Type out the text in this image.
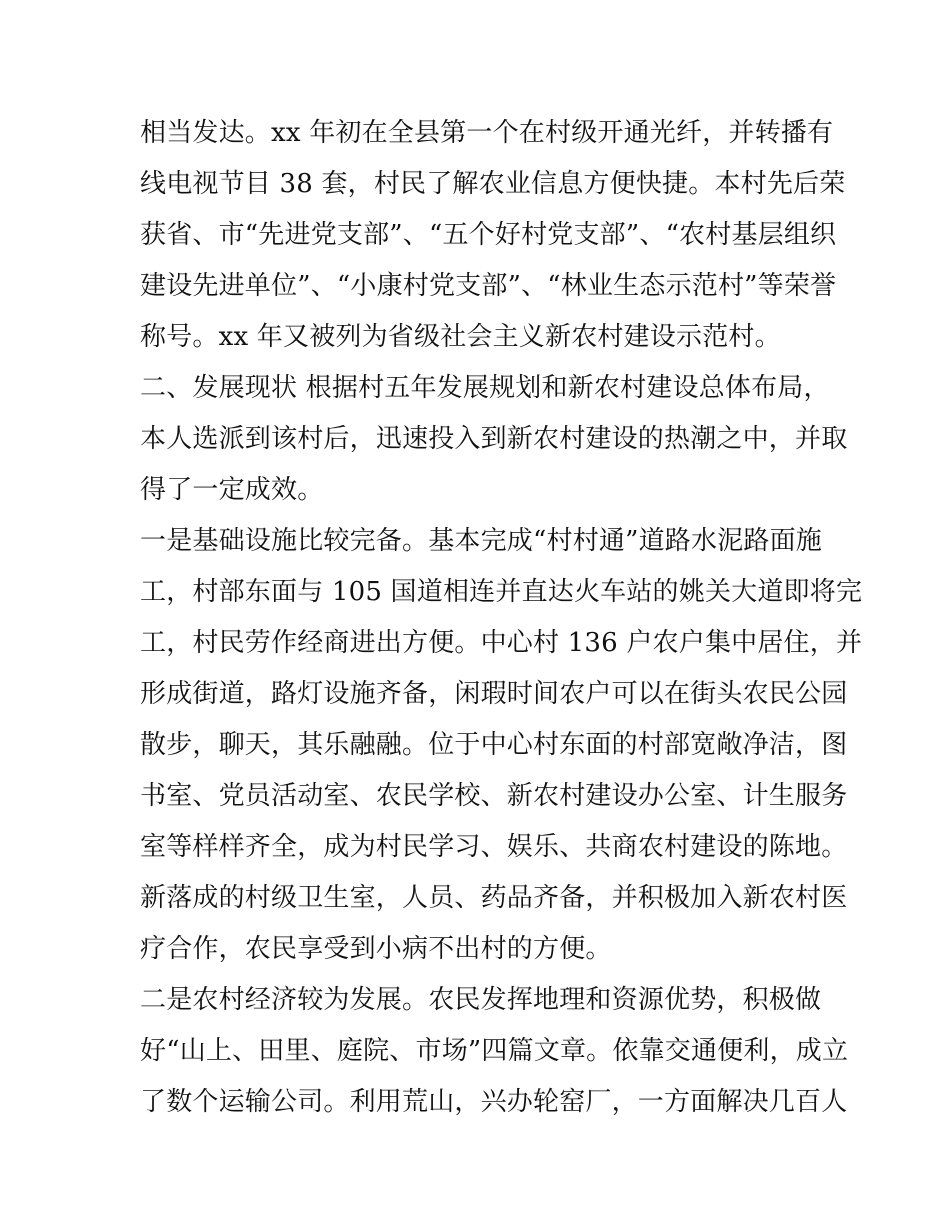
相当发达。xx 年初在全县第一个在村级开通光纤，并转播有
线电视节目 38 套，村民了解农业信息方便快捷。本村先后荣
获省、市“先进党支部”、“五个好村党支部”、“农村基层组织
建设先进单位”、“小康村党支部”、“林业生态示范村”等荣誉
称号。xx 年又被列为省级社会主义新农村建设示范村。
二、发展现状 根据村五年发展规划和新农村建设总体布局，
本人选派到该村后，迅速投入到新农村建设的热潮之中，并取
得了一定成效。
一是基础设施比较完备。基本完成“村村通”道路水泥路面施
工，村部东面与 105 国道相连并直达火车站的姚关大道即将完
工，村民劳作经商进出方便。中心村 136 户农户集中居住，并
形成街道，路灯设施齐备，闲瑕时间农户可以在街头农民公园
散步，聊天，其乐融融。位于中心村东面的村部宽敞净洁，图
书室、党员活动室、农民学校、新农村建设办公室、计生服务
室等样样齐全，成为村民学习、娱乐、共商农村建设的陈地。
新落成的村级卫生室，人员、药品齐备，并积极加入新农村医
疗合作，农民享受到小病不出村的方便。
二是农村经济较为发展。农民发挥地理和资源优势，积极做
好“山上、田里、庭院、市场”四篇文章。依靠交通便利，成立
了数个运输公司。利用荒山，兴办轮窑厂，一方面解决几百人
